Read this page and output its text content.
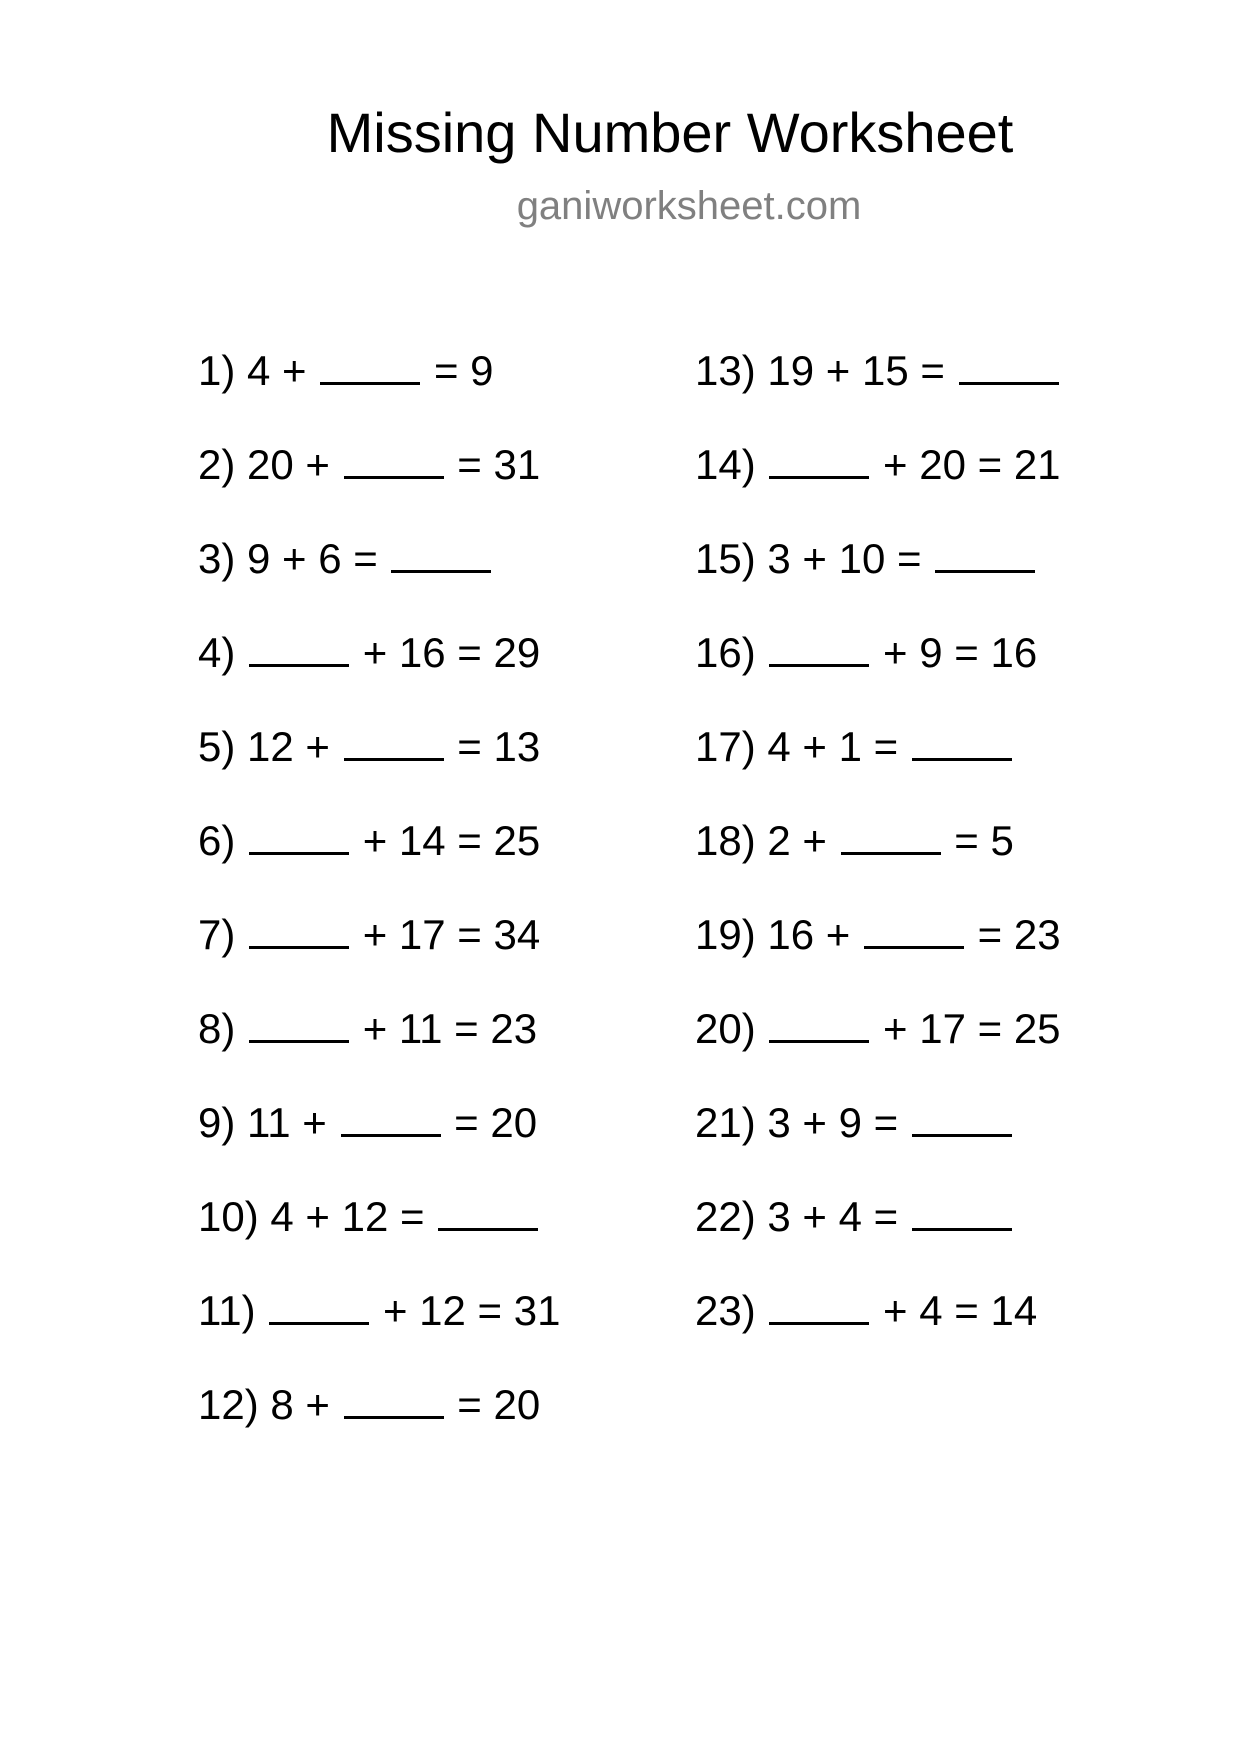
Missing Number Worksheet
ganiworksheet.com
1) 4 +	= 9
2) 20 +	= 31
3) 9 + 6 =
4)	+ 16 = 29
5) 12 +	= 13
6)	+ 14 = 25
7)	+ 17 = 34
8)	+ 11 = 23
9) 11 +	= 20
10) 4 + 12 =
11)	+ 12 = 31
12) 8 +	= 20
13) 19 + 15 =
14)	+ 20 = 21
15) 3 + 10 =
16)	+ 9 = 16
17) 4 + 1 =
18) 2 +	= 5
19) 16 +	= 23
20)	+ 17 = 25
21) 3 + 9 =
22) 3 + 4 =
23)	+ 4 = 14
